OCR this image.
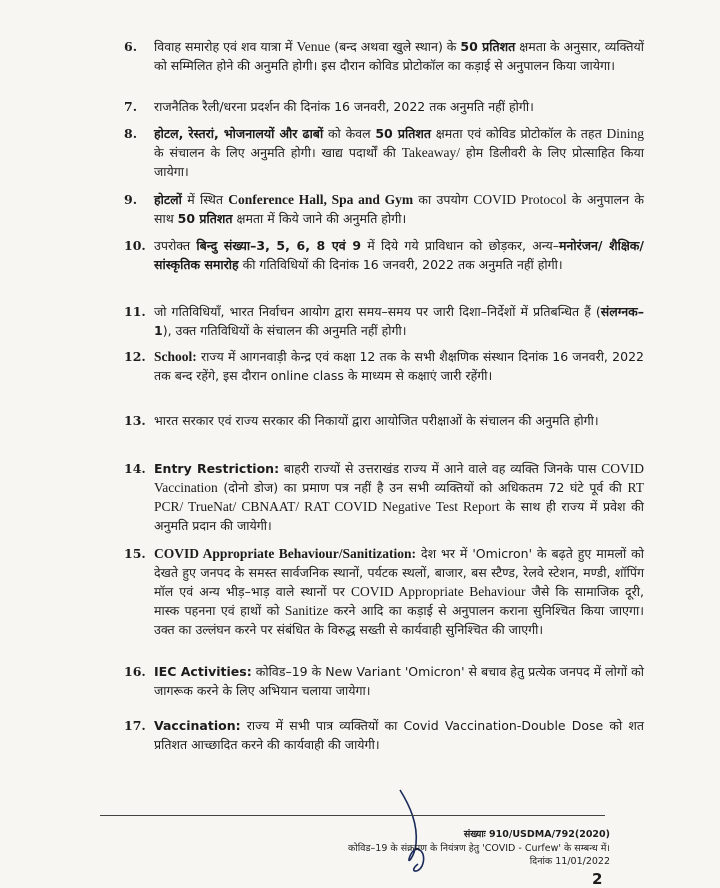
6.	विवाह समारोह एवं शव यात्रा में Venue (बन्द अथवा खुले स्थान) के 50 प्रतिशत क्षमता के अनुसार, व्यक्तियों को सम्मिलित होने की अनुमति होगी। इस दौरान कोविड प्रोटोकॉल का कड़ाई से अनुपालन किया जायेगा।
7.	राजनैतिक रैली/धरना प्रदर्शन की दिनांक 16 जनवरी, 2022 तक अनुमति नहीं होगी।
8.	होटल, रेस्तरां, भोजनालयों और ढाबों को केवल 50 प्रतिशत क्षमता एवं कोविड प्रोटोकॉल के तहत Dining के संचालन के लिए अनुमति होगी। खाद्य पदार्थों की Takeaway/ होम डिलीवरी के लिए प्रोत्साहित किया जायेगा।
9.	होटलों में स्थित Conference Hall, Spa and Gym का उपयोग COVID Protocol के अनुपालन के साथ 50 प्रतिशत क्षमता में किये जाने की अनुमति होगी।
10. उपरोक्त बिन्दु संख्या–3, 5, 6, 8 एवं 9 में दिये गये प्राविधान को छोड़कर, अन्य–मनोरंजन/ शैक्षिक/सांस्कृतिक समारोह की गतिविधियों की दिनांक 16 जनवरी, 2022 तक अनुमति नहीं होगी।
11. जो गतिविधियाँ, भारत निर्वाचन आयोग द्वारा समय–समय पर जारी दिशा–निर्देशों में प्रतिबन्धित हैं (संलग्नक–1), उक्त गतिविधियों के संचालन की अनुमति नहीं होगी।
12. School: राज्य में आगनवाड़ी केन्द्र एवं कक्षा 12 तक के सभी शैक्षणिक संस्थान दिनांक 16 जनवरी, 2022 तक बन्द रहेंगे, इस दौरान online class के माध्यम से कक्षाएं जारी रहेंगी।
13. भारत सरकार एवं राज्य सरकार की निकायों द्वारा आयोजित परीक्षाओं के संचालन की अनुमति होगी।
14. Entry Restriction: बाहरी राज्यों से उत्तराखंड राज्य में आने वाले वह व्यक्ति जिनके पास COVID Vaccination (दोनो डोज) का प्रमाण पत्र नहीं है उन सभी व्यक्तियों को अधिकतम 72 घंटे पूर्व की RT PCR/ TrueNat/ CBNAAT/ RAT COVID Negative Test Report के साथ ही राज्य में प्रवेश की अनुमति प्रदान की जायेगी।
15. COVID Appropriate Behaviour/Sanitization: देश भर में 'Omicron' के बढ़ते हुए मामलों को देखते हुए जनपद के समस्त सार्वजनिक स्थानों, पर्यटक स्थलों, बाजार, बस स्टैण्ड, रेलवे स्टेशन, मण्डी, शॉपिंग मॉल एवं अन्य भीड़–भाड़ वाले स्थानों पर COVID Appropriate Behaviour जैसे कि सामाजिक दूरी, मास्क पहनना एवं हाथों को Sanitize करने आदि का कड़ाई से अनुपालन कराना सुनिश्चित किया जाएगा। उक्त का उल्लंघन करने पर संबंधित के विरुद्ध सख्ती से कार्यवाही सुनिश्चित की जाएगी।
16. IEC Activities: कोविड–19 के New Variant 'Omicron' से बचाव हेतु प्रत्येक जनपद में लोगों को जागरूक करने के लिए अभियान चलाया जायेगा।
17. Vaccination: राज्य में सभी पात्र व्यक्तियों का Covid Vaccination-Double Dose को शत प्रतिशत आच्छादित करने की कार्यवाही की जायेगी।
संख्याः 910/USDMA/792(2020)
कोविड–19 के संक्रमण के नियंत्रण हेतु 'COVID - Curfew' के सम्बन्ध में।
दिनांक 11/01/2022
2
